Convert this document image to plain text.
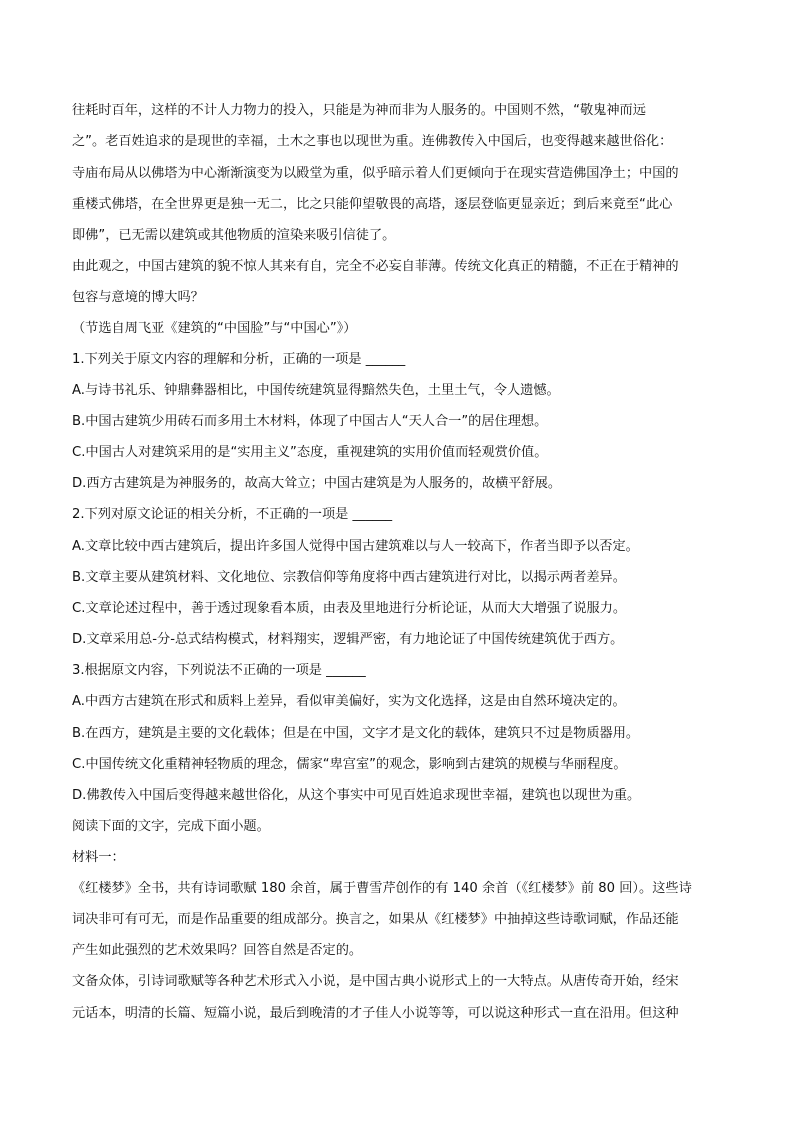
往耗时百年，这样的不计人力物力的投入，只能是为神而非为人服务的。中国则不然，“敬鬼神而远
之”。老百姓追求的是现世的幸福，土木之事也以现世为重。连佛教传入中国后，也变得越来越世俗化：
寺庙布局从以佛塔为中心渐渐演变为以殿堂为重，似乎暗示着人们更倾向于在现实营造佛国净土；中国的
重楼式佛塔，在全世界更是独一无二，比之只能仰望敬畏的高塔，逐层登临更显亲近；到后来竟至“此心
即佛”，已无需以建筑或其他物质的渲染来吸引信徒了。
由此观之，中国古建筑的貌不惊人其来有自，完全不必妄自菲薄。传统文化真正的精髓，不正在于精神的
包容与意境的博大吗？
（节选自周飞亚《建筑的“中国脸”与“中国心”》）
1.下列关于原文内容的理解和分析，正确的一项是 ______
A.与诗书礼乐、钟鼎彝器相比，中国传统建筑显得黯然失色，土里土气，令人遗憾。
B.中国古建筑少用砖石而多用土木材料，体现了中国古人“天人合一”的居住理想。
C.中国古人对建筑采用的是“实用主义”态度，重视建筑的实用价值而轻观赏价值。
D.西方古建筑是为神服务的，故高大耸立；中国古建筑是为人服务的，故横平舒展。
2.下列对原文论证的相关分析，不正确的一项是 ______
A.文章比较中西古建筑后，提出许多国人觉得中国古建筑难以与人一较高下，作者当即予以否定。
B.文章主要从建筑材料、文化地位、宗教信仰等角度将中西古建筑进行对比，以揭示两者差异。
C.文章论述过程中，善于透过现象看本质，由表及里地进行分析论证，从而大大增强了说服力。
D.文章采用总-分-总式结构模式，材料翔实，逻辑严密，有力地论证了中国传统建筑优于西方。
3.根据原文内容，下列说法不正确的一项是 ______
A.中西方古建筑在形式和质料上差异，看似审美偏好，实为文化选择，这是由自然环境决定的。
B.在西方，建筑是主要的文化载体；但是在中国，文字才是文化的载体，建筑只不过是物质器用。
C.中国传统文化重精神轻物质的理念，儒家“卑宫室”的观念，影响到古建筑的规模与华丽程度。
D.佛教传入中国后变得越来越世俗化，从这个事实中可见百姓追求现世幸福，建筑也以现世为重。
阅读下面的文字，完成下面小题。
材料一：
《红楼梦》全书，共有诗词歌赋 180 余首，属于曹雪芹创作的有 140 余首（《红楼梦》前 80 回）。这些诗
词决非可有可无，而是作品重要的组成部分。换言之，如果从《红楼梦》中抽掉这些诗歌词赋，作品还能
产生如此强烈的艺术效果吗？回答自然是否定的。
文备众体，引诗词歌赋等各种艺术形式入小说，是中国古典小说形式上的一大特点。从唐传奇开始，经宋
元话本，明清的长篇、短篇小说，最后到晚清的才子佳人小说等等，可以说这种形式一直在沿用。但这种
